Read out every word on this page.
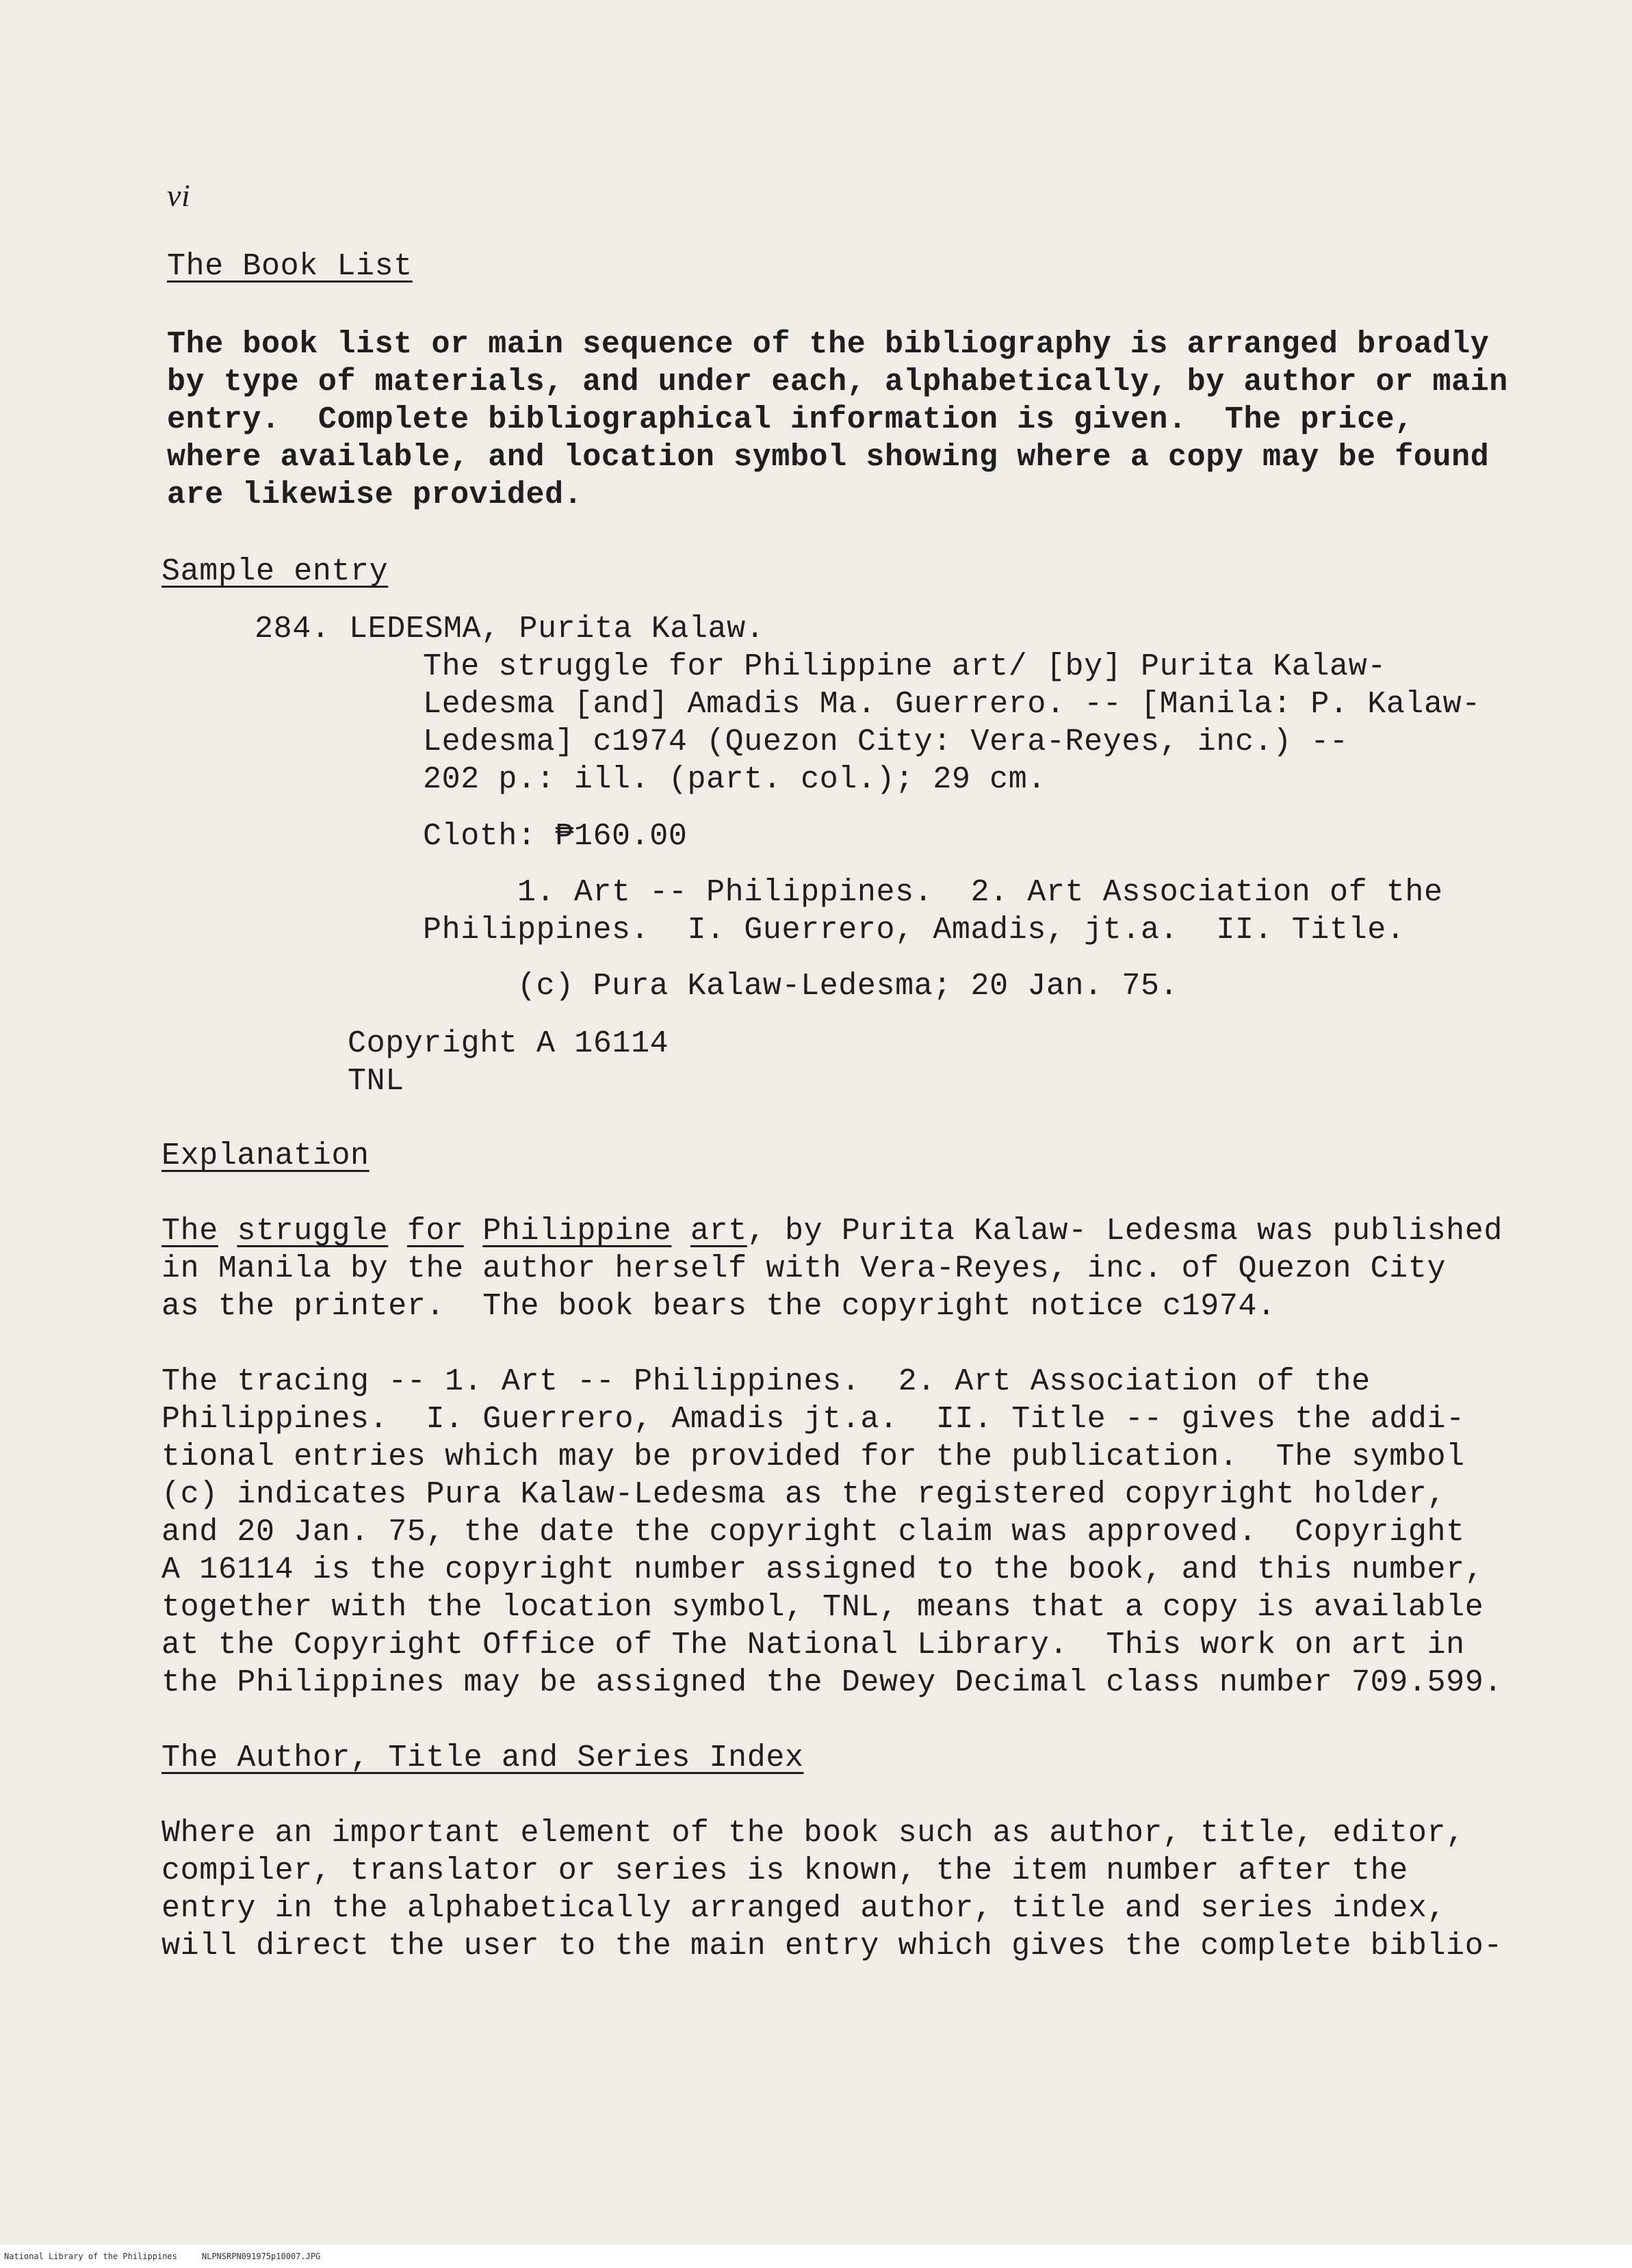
vi
The Book List
The book list or main sequence of the bibliography is arranged broadly
by type of materials, and under each, alphabetically, by author or main
entry.  Complete bibliographical information is given.  The price,
where available, and location symbol showing where a copy may be found
are likewise provided.
Sample entry
284. LEDESMA, Purita Kalaw.
The struggle for Philippine art/ [by] Purita Kalaw-
Ledesma [and] Amadis Ma. Guerrero. -- [Manila: P. Kalaw-
Ledesma] c1974 (Quezon City: Vera-Reyes, inc.) --
202 p.: ill. (part. col.); 29 cm.
Cloth: ₱160.00
1. Art -- Philippines.  2. Art Association of the
Philippines.  I. Guerrero, Amadis, jt.a.  II. Title.
(c) Pura Kalaw-Ledesma; 20 Jan. 75.
Copyright A 16114
TNL
Explanation
The struggle for Philippine art, by Purita Kalaw- Ledesma was published
in Manila by the author herself with Vera-Reyes, inc. of Quezon City
as the printer.  The book bears the copyright notice c1974.
The tracing -- 1. Art -- Philippines.  2. Art Association of the
Philippines.  I. Guerrero, Amadis jt.a.  II. Title -- gives the addi-
tional entries which may be provided for the publication.  The symbol
(c) indicates Pura Kalaw-Ledesma as the registered copyright holder,
and 20 Jan. 75, the date the copyright claim was approved.  Copyright
A 16114 is the copyright number assigned to the book, and this number,
together with the location symbol, TNL, means that a copy is available
at the Copyright Office of The National Library.  This work on art in
the Philippines may be assigned the Dewey Decimal class number 709.599.
The Author, Title and Series Index
Where an important element of the book such as author, title, editor,
compiler, translator or series is known, the item number after the
entry in the alphabetically arranged author, title and series index,
will direct the user to the main entry which gives the complete biblio-
National Library of the Philippines	NLPNSRPN091975p10007.JPG
